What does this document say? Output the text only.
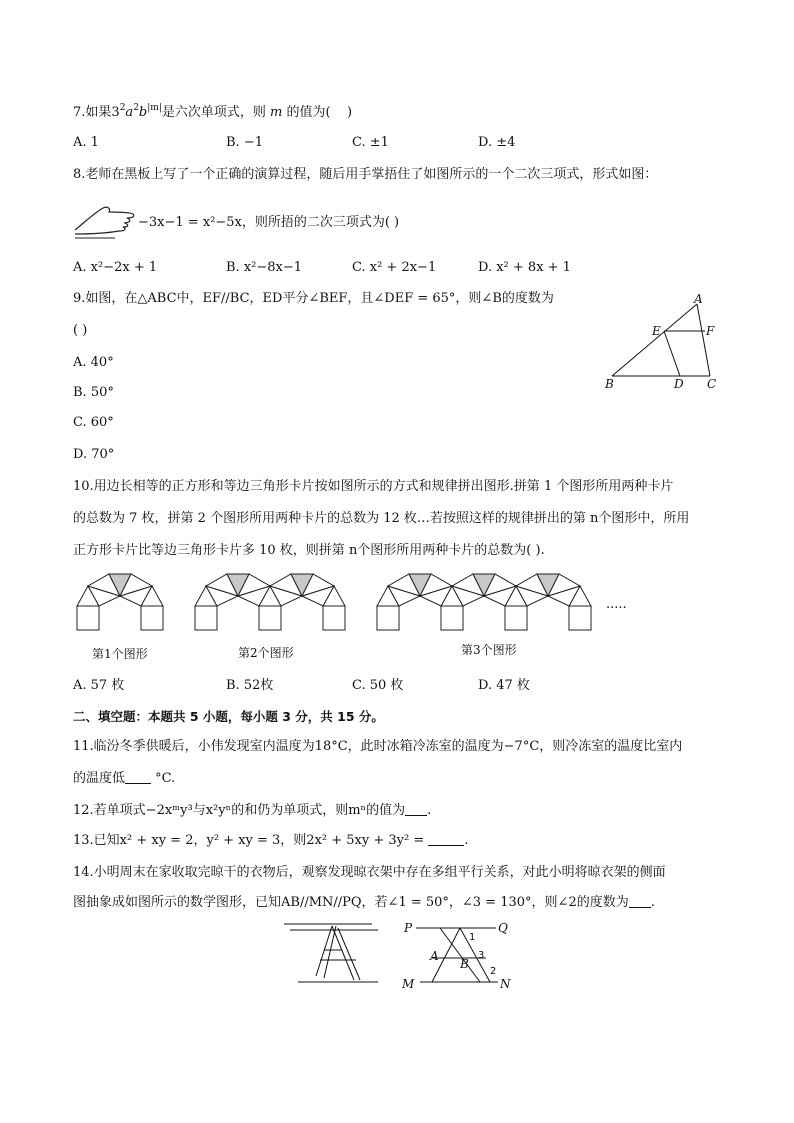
7.如果$3^2a^2b^{|m|}$是六次单项式，则 m 的值为(    )
A. 1	B. −1	C. ±1	D. ±4
8.老师在黑板上写了一个正确的演算过程，随后用手掌捂住了如图所示的一个二次三项式，形式如图：
−3x−1 = x²−5x，则所捂的二次三项式为( )
A. x²−2x + 1	B. x²−8x−1	C. x² + 2x−1	D. x² + 8x + 1
9.如图，在△ABC中，EF//BC，ED平分∠BEF，且∠DEF = 65°，则∠B的度数为
( )
A. 40°
B. 50°
C. 60°
D. 70°
A
E	F
B	D C
10.用边长相等的正方形和等边三角形卡片按如图所示的方式和规律拼出图形.拼第 1 个图形所用两种卡片
的总数为 7 枚，拼第 2 个图形所用两种卡片的总数为 12 枚…若按照这样的规律拼出的第 n个图形中，所用
正方形卡片比等边三角形卡片多 10 枚，则拼第 n个图形所用两种卡片的总数为( ).
.....
第1个图形	第2个图形	第3个图形
A. 57 枚	B. 52枚	C. 50 枚	D. 47 枚
二、填空题：本题共 5 小题，每小题 3 分，共 15 分。
11.临汾冬季供暖后，小伟发现室内温度为18°C，此时冰箱冷冻室的温度为−7°C，则冷冻室的温度比室内
的温度低 °C.
12.若单项式−2xᵐy³与x²yⁿ的和仍为单项式，则mⁿ的值为 .
13.已知x² + xy = 2，y² + xy = 3，则2x² + 5xy + 3y² =	.
14.小明周末在家收取完晾干的衣物后，观察发现晾衣架中存在多组平行关系，对此小明将晾衣架的侧面
图抽象成如图所示的数学图形，已知AB//MN//PQ，若∠1 = 50°，∠3 = 130°，则∠2的度数为 .
P	Q
A
B
M	N
1
2
3
